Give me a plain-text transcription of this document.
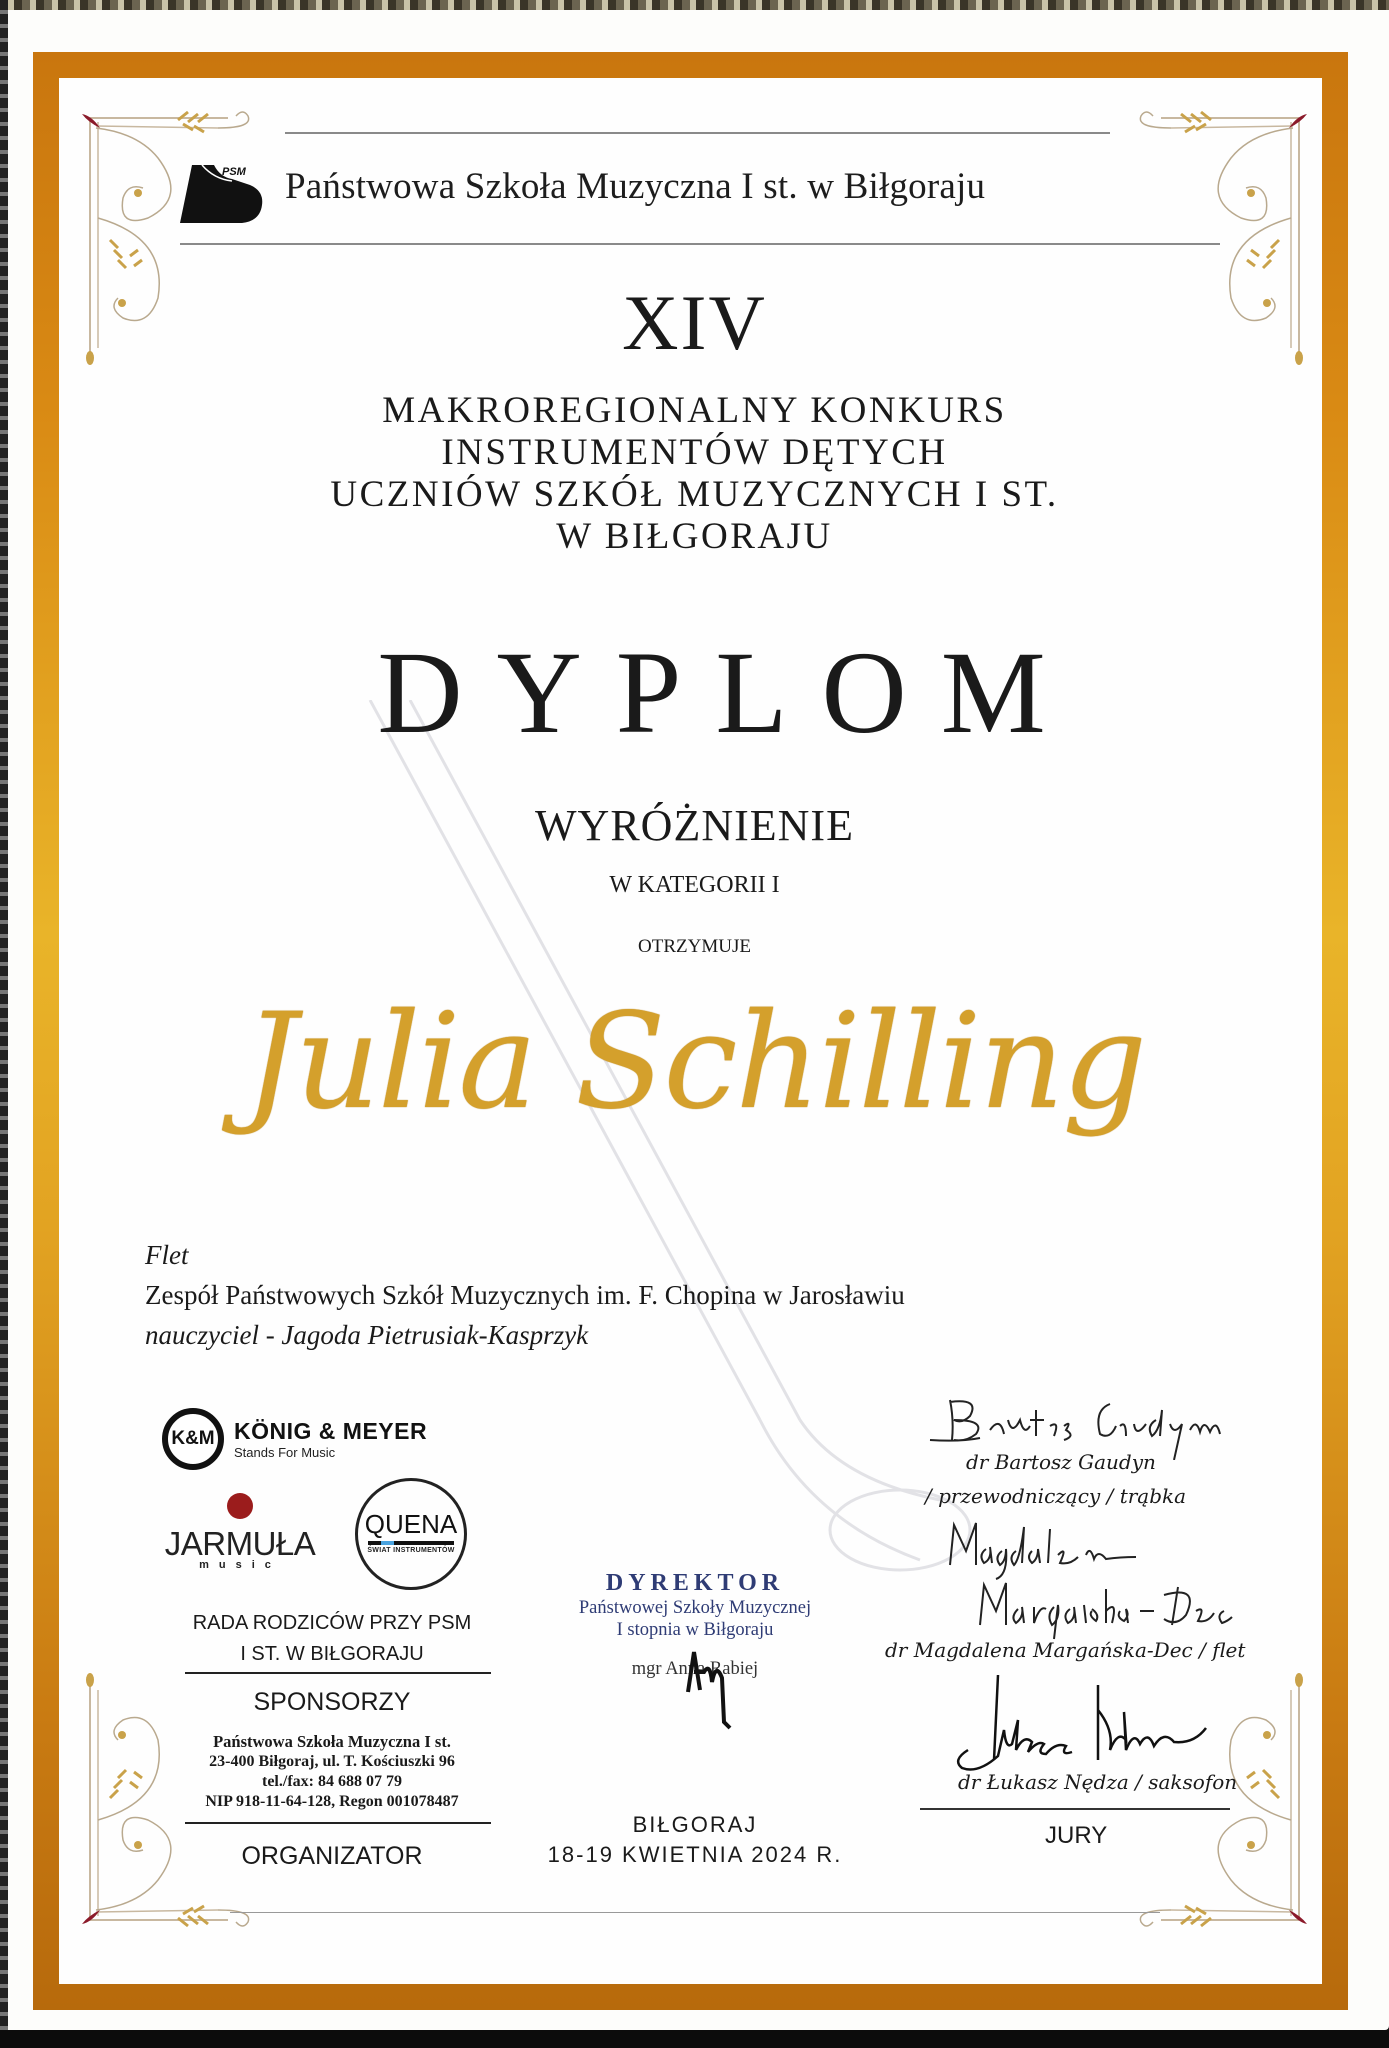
PSM Państwowa Szkoła Muzyczna I st. w Biłgoraju
XIV
MAKROREGIONALNY KONKURS
INSTRUMENTÓW DĘTYCH
UCZNIÓW SZKÓŁ MUZYCZNYCH I ST.
W BIŁGORAJU
DYPLOM
WYRÓŻNIENIE
W KATEGORII I
OTRZYMUJE
Julia Schilling
Flet
Zespół Państwowych Szkół Muzycznych im. F. Chopina w Jarosławiu
nauczyciel - Jagoda Pietrusiak-Kasprzyk
K&M KÖNIG & MEYER
Stands For Music
JARMUŁA
music
QUENA
ŚWIAT INSTRUMENTÓW
RADA RODZICÓW PRZY PSM
I ST. W BIŁGORAJU
SPONSORZY
Państwowa Szkoła Muzyczna I st.
23-400 Biłgoraj, ul. T. Kościuszki 96
tel./fax: 84 688 07 79
NIP 918-11-64-128, Regon 001078487
ORGANIZATOR
DYREKTOR
Państwowej Szkoły Muzycznej
I stopnia w Biłgoraju
mgr Anna Rabiej
BIŁGORAJ
18-19 KWIETNIA 2024 R.
dr Bartosz Gaudyn
/ przewodniczący / trąbka
dr Magdalena Margańska-Dec / flet
dr Łukasz Nędza / saksofon
JURY
